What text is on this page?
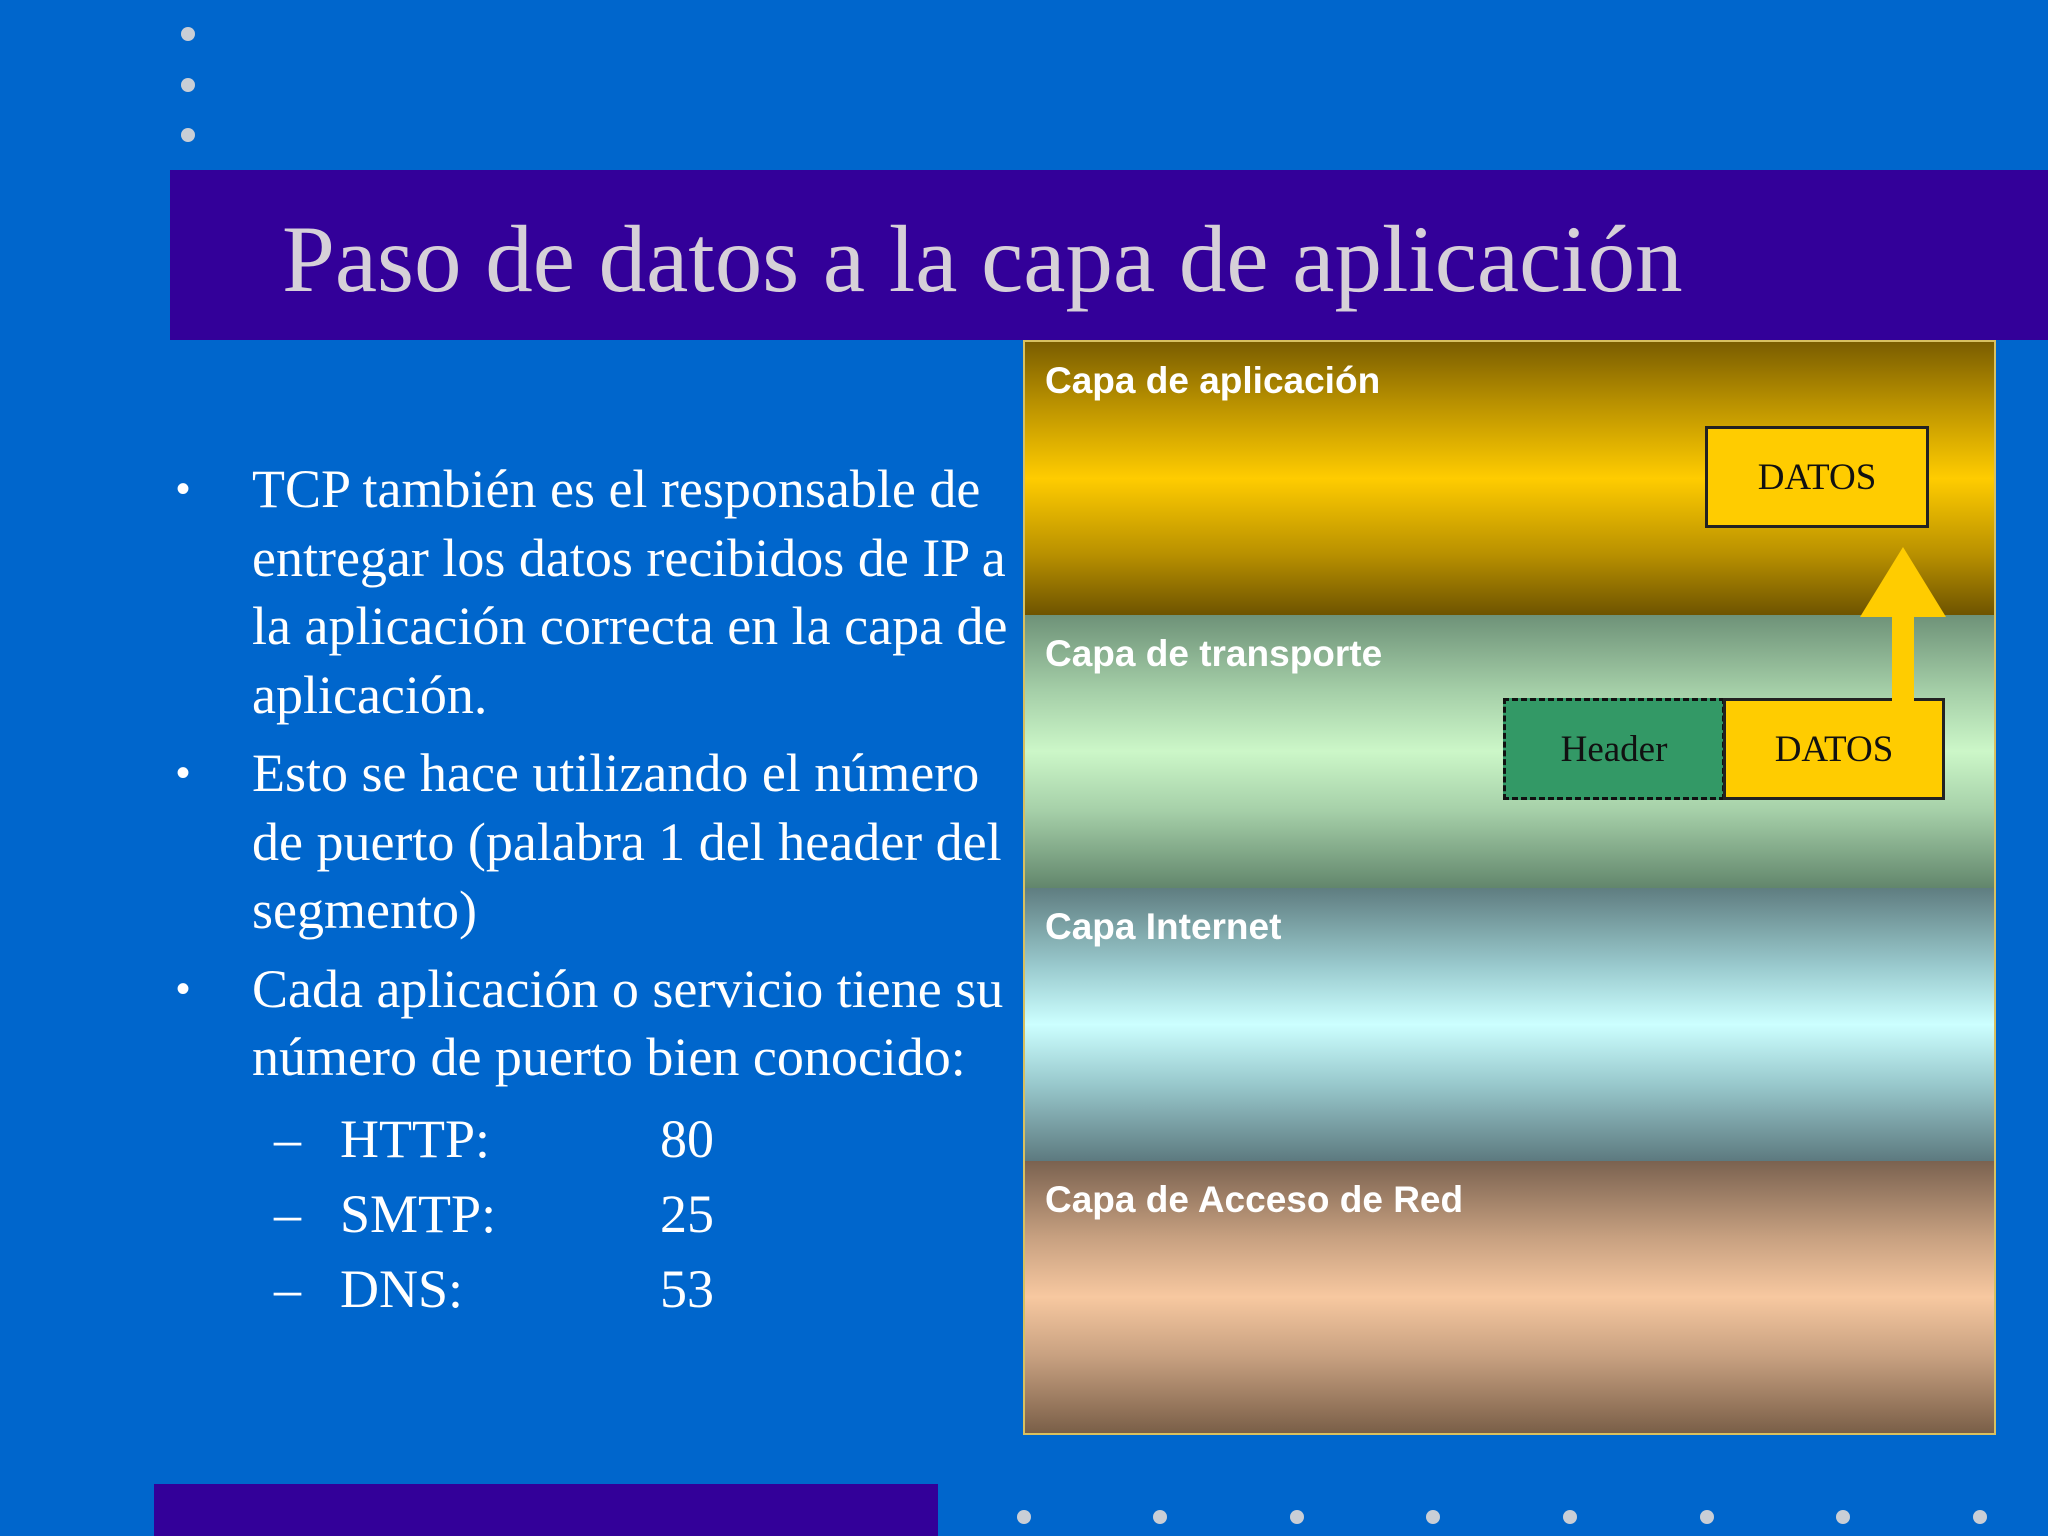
Paso de datos a la capa de aplicación
• TCP también es el responsable de entregar los datos recibidos de IP a la aplicación correcta en la capa de aplicación.
• Esto se hace utilizando el número de puerto (palabra 1 del header del segmento)
• Cada aplicación o servicio tiene su número de puerto bien conocido:
– HTTP:	80
– SMTP:	25
– DNS:	53
Capa de aplicación
DATOS
Capa de transporte
Header	DATOS
Capa Internet
Capa de Acceso de Red
